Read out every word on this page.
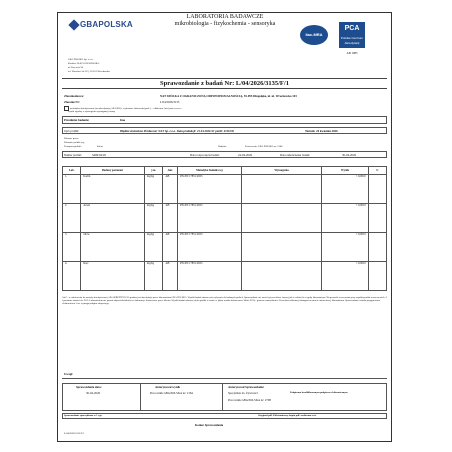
GBAPOLSKA
LABORATORIA BADAWCZE
mikrobiologia - fizykochemia - sensoryka
ilac-MRA
PCA
Polskie Centrum Akredytacji
AB 1085
GBA POLSKA Sp. z o.o.
Kraków 30-821 GBAPOLSKA
ul. Przewóz 34
tel. Wrocław 54-123, 53-201 Wrocławska
Sprawozdanie z badań Nr: L/04/2026/3135/F/1
Zleceniodawca:	NAT SPÓŁKA Z OGRANICZONĄ ODPOWIEDZIALNOŚCIĄ, 55-095 Długołęka, ul. ul. Wrocławska 103
Zlecenie Nr:	L/04/2026/3135
metodyka akredytowana (na akredytację AB 1085) i wykonane skutecznie(pod-) ... odbierane (nie) przez rzecz...
wynik zgodny z wymogiem wymaganej normy
Przedmiot badania:	Imo
Opis próbki:	Błędnie zmienione Producent: NAT Sp. z o.o. Data produkcji: 21.04.2026 Nr partii: 0111DD	Termin: 24 kwietnia 2026
Pobrane przez:
Pobranie próbki wg:
Transport próbki:	klient	Nadanie:	Powierzenie GBA POLSKA nr: 2164
Numer próbki:	S469/04/26	Data rozpoczęcia badań:	24-04-2026	Data zakończenia badań:	30-04-2026
Lab.	Badany parametr	j.m.	Akr.	Metodyka badania wg	Wymagania	Wynik	U
1.	Kadm	mg/kg	AB	PN-EN 17851:2023		< 0,0010	
2.	Arsen	mg/kg	AB	PN-EN 17851:2023		< 0,0010	
3.	Ołów	mg/kg	AB	PN-EN 17851:2023		< 0,0010	
4.	Rtęć	mg/kg	AB	PN-EN 17851:2023		< 0,0010	
Akr* - w odniesieniu do metody akredytowanej AB-AKREDYTACJA podana jest akredytacja przez laboratorium GBA POLSKA. Wyniki badań odnoszą się wyłącznie do badanych próbek. Sprawozdanie nie może być powielane inaczej jak w całości bez zgody laboratorium. Niepewność rozszerzona przy współczynniku rozszerzenia k=2 i poziomie ufności ok. 95%. Laboratorium nie ponosi odpowiedzialności za informacje dostarczone przez klienta. Wyniki badań odnoszą się do próbki w stanie w jakim została dostarczona. Skrót: LOQ - granica oznaczalności. Procedura reklamacji dostępna na stronie internetowej laboratorium. Sprawozdanie zostało przygotowane elektronicznie i nie wymaga podpisu odręcznego.
Uwagi:
Sprawozdanie data:
30-04-2026
Autoryzował wynik
Pracownik GBA POLSKA nr: 2164
Autoryzował Sprawozdanie:
Specjalista ds. Żywności	Podpisano kwalifikowanym podpisem elektronicznym
Pracownik GBA POLSKA nr: 2798
Sprawozdanie sporządzono w 1 egz.	Oryginał pdf. Elektroniczny, kopia pdf. archiwum w/w
Koniec Sprawozdania
L/04/2026/3135/F/1
